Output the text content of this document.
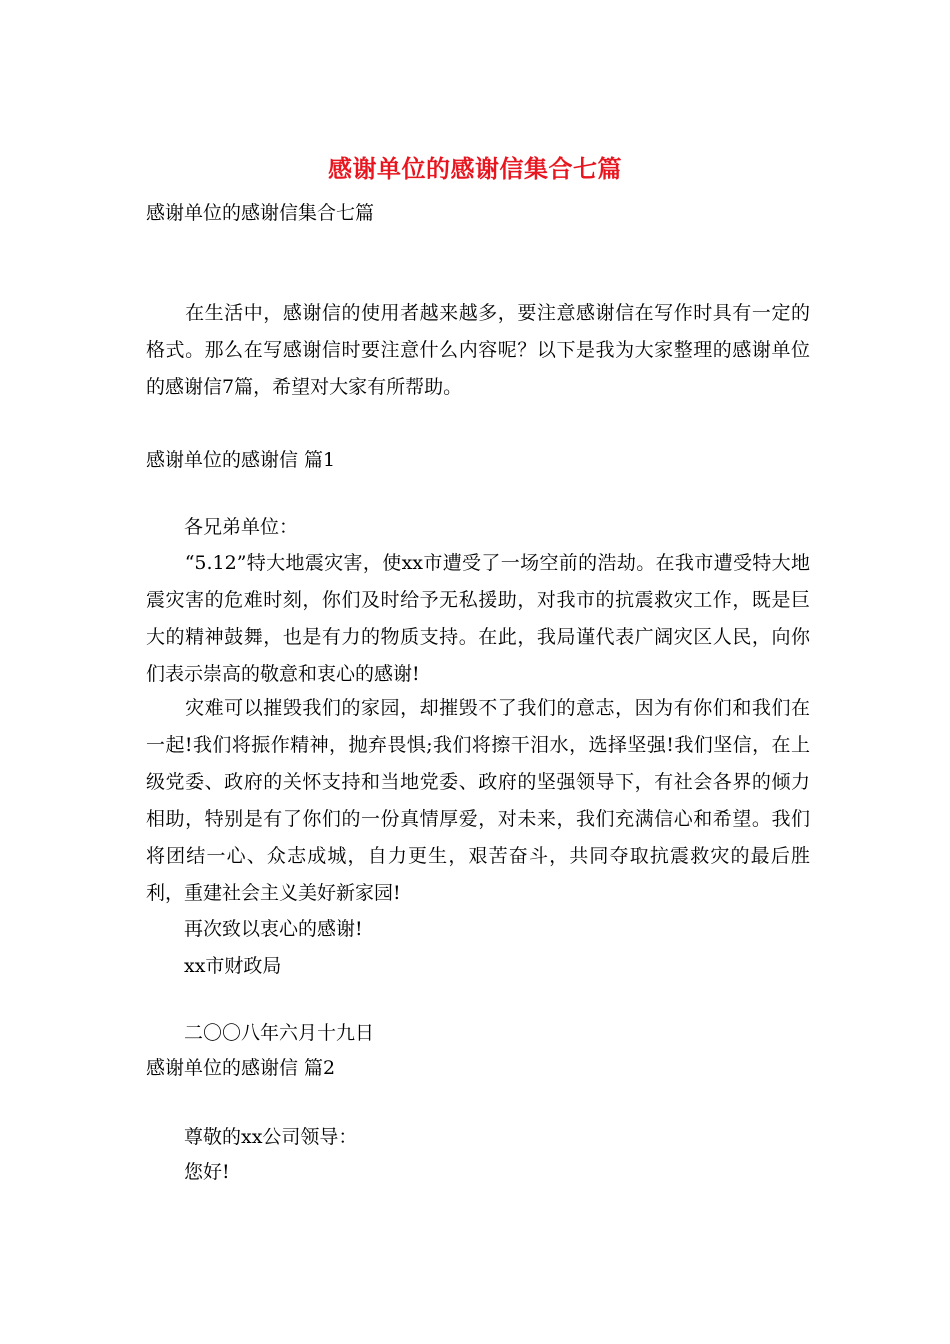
感谢单位的感谢信集合七篇

感谢单位的感谢信集合七篇

　　在生活中，感谢信的使用者越来越多，要注意感谢信在写作时具有一定的格式。那么在写感谢信时要注意什么内容呢？以下是我为大家整理的感谢单位的感谢信7篇，希望对大家有所帮助。

感谢单位的感谢信 篇1

　　各兄弟单位：

　　“5.12”特大地震灾害，使xx市遭受了一场空前的浩劫。在我市遭受特大地震灾害的危难时刻，你们及时给予无私援助，对我市的抗震救灾工作，既是巨大的精神鼓舞，也是有力的物质支持。在此，我局谨代表广阔灾区人民，向你们表示崇高的敬意和衷心的感谢!

　　灾难可以摧毁我们的家园，却摧毁不了我们的意志，因为有你们和我们在一起!我们将振作精神，抛弃畏惧;我们将擦干泪水，选择坚强!我们坚信，在上级党委、政府的关怀支持和当地党委、政府的坚强领导下，有社会各界的倾力相助，特别是有了你们的一份真情厚爱，对未来，我们充满信心和希望。我们将团结一心、众志成城，自力更生，艰苦奋斗，共同夺取抗震救灾的最后胜利，重建社会主义美好新家园!

　　再次致以衷心的感谢!

　　xx市财政局

　　二〇〇八年六月十九日

感谢单位的感谢信 篇2

　　尊敬的xx公司领导：

　　您好!
